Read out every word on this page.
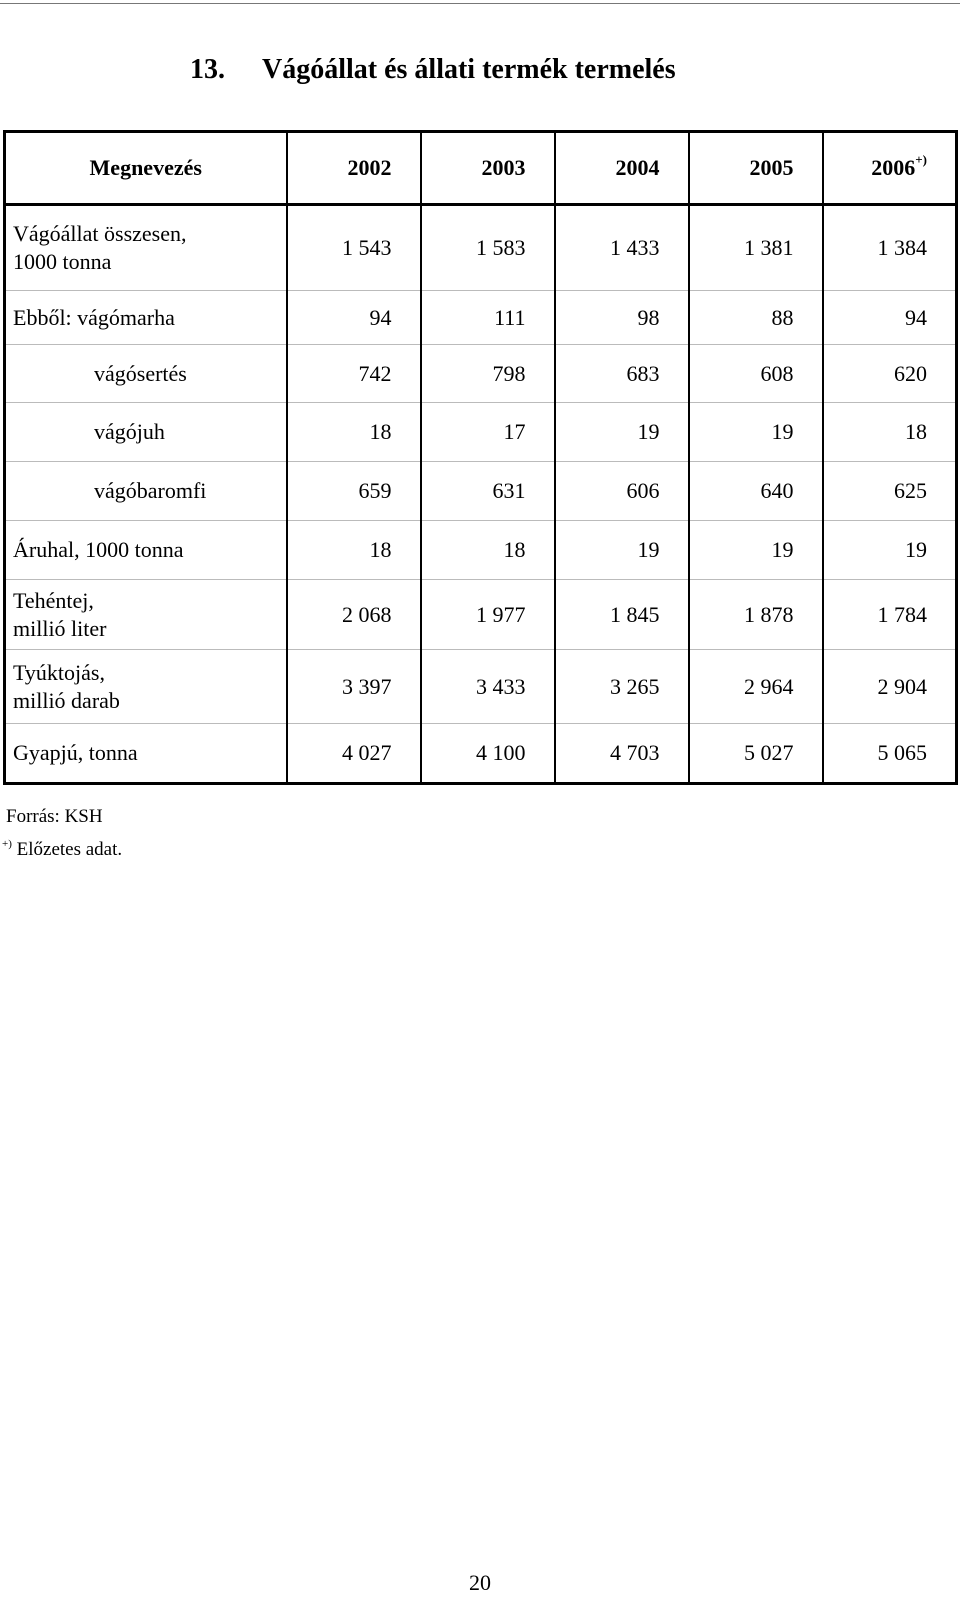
13. Vágóállat és állati termék termelés
Megnevezés	2002	2003	2004	2005	2006+)
Vágóállat összesen,
1000 tonna	1 543	1 583	1 433	1 381	1 384
Ebből: vágómarha	94	111	98	88	94
vágósertés	742	798	683	608	620
vágójuh	18	17	19	19	18
vágóbaromfi	659	631	606	640	625
Áruhal, 1000 tonna	18	18	19	19	19
Tehéntej,
millió liter	2 068	1 977	1 845	1 878	1 784
Tyúktojás,
millió darab	3 397	3 433	3 265	2 964	2 904
Gyapjú, tonna	4 027	4 100	4 703	5 027	5 065
Forrás: KSH
+) Előzetes adat.
20
